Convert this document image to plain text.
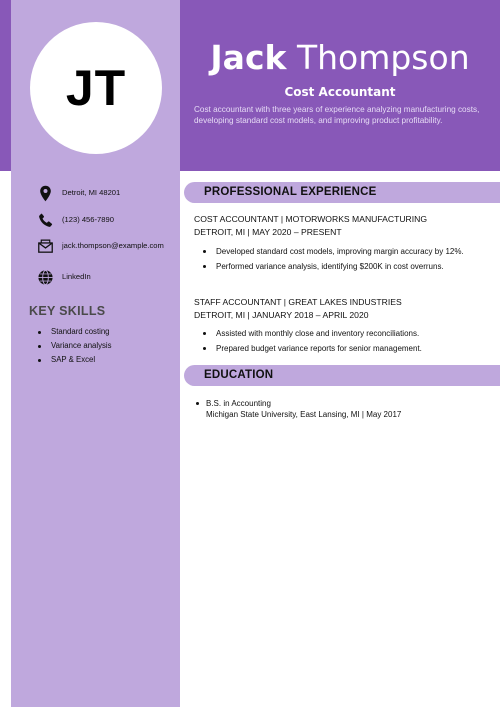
JT
Jack Thompson
Cost Accountant
Cost accountant with three years of experience analyzing manufacturing costs, developing standard cost models, and improving product profitability.
Detroit, MI 48201
(123) 456-7890
jack.thompson@example.com
LinkedIn
KEY SKILLS
Standard costing
Variance analysis
SAP & Excel
PROFESSIONAL EXPERIENCE
COST ACCOUNTANT | MOTORWORKS MANUFACTURING
DETROIT, MI | MAY 2020 – PRESENT
Developed standard cost models, improving margin accuracy by 12%.
Performed variance analysis, identifying $200K in cost overruns.
STAFF ACCOUNTANT | GREAT LAKES INDUSTRIES
DETROIT, MI | JANUARY 2018 – APRIL 2020
Assisted with monthly close and inventory reconciliations.
Prepared budget variance reports for senior management.
EDUCATION
B.S. in Accounting
Michigan State University, East Lansing, MI | May 2017
